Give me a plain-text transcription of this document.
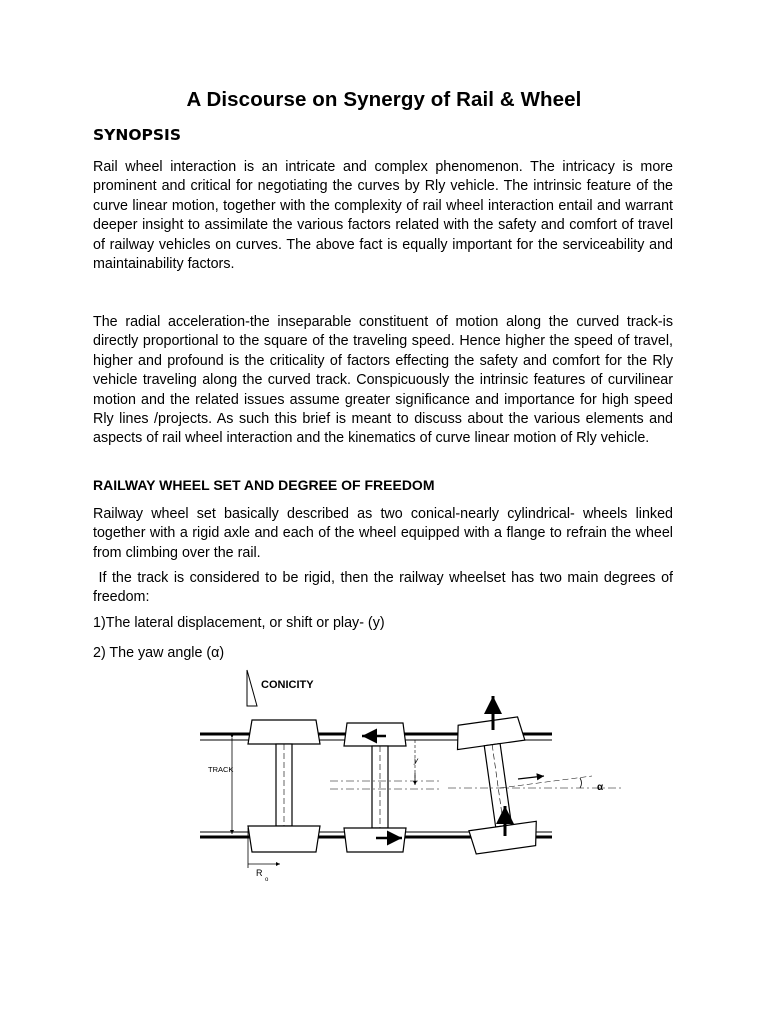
A Discourse on Synergy of Rail & Wheel
SYNOPSIS
Rail wheel interaction is an intricate and complex phenomenon. The intricacy is more prominent and critical for negotiating the curves by Rly vehicle. The intrinsic feature of the curve linear motion, together with the complexity of rail wheel interaction entail and warrant deeper insight to assimilate the various factors related with the safety and comfort of travel of railway vehicles on curves. The above fact is equally important for the serviceability and maintainability factors.
The radial acceleration-the inseparable constituent of motion along the curved track-is directly proportional to the square of the traveling speed. Hence higher the speed of travel, higher and profound is the criticality of factors effecting the safety and comfort for the Rly vehicle traveling along the curved track. Conspicuously the intrinsic features of curvilinear motion and the related issues assume greater significance and importance for high speed Rly lines /projects. As such this brief is meant to discuss about the various elements and aspects of rail wheel interaction and the kinematics of curve linear motion of Rly vehicle.
RAILWAY WHEEL SET AND DEGREE OF FREEDOM
Railway wheel set basically described as two conical-nearly cylindrical- wheels linked together with a rigid axle and each of the wheel equipped with a flange to refrain the wheel from climbing over the rail.
If the track is considered to be rigid, then the railway wheelset has two main degrees of freedom:
1)The lateral displacement, or shift or play- (y)
2) The yaw angle (α)
CONICITY
TRACK
R
o
y
α
